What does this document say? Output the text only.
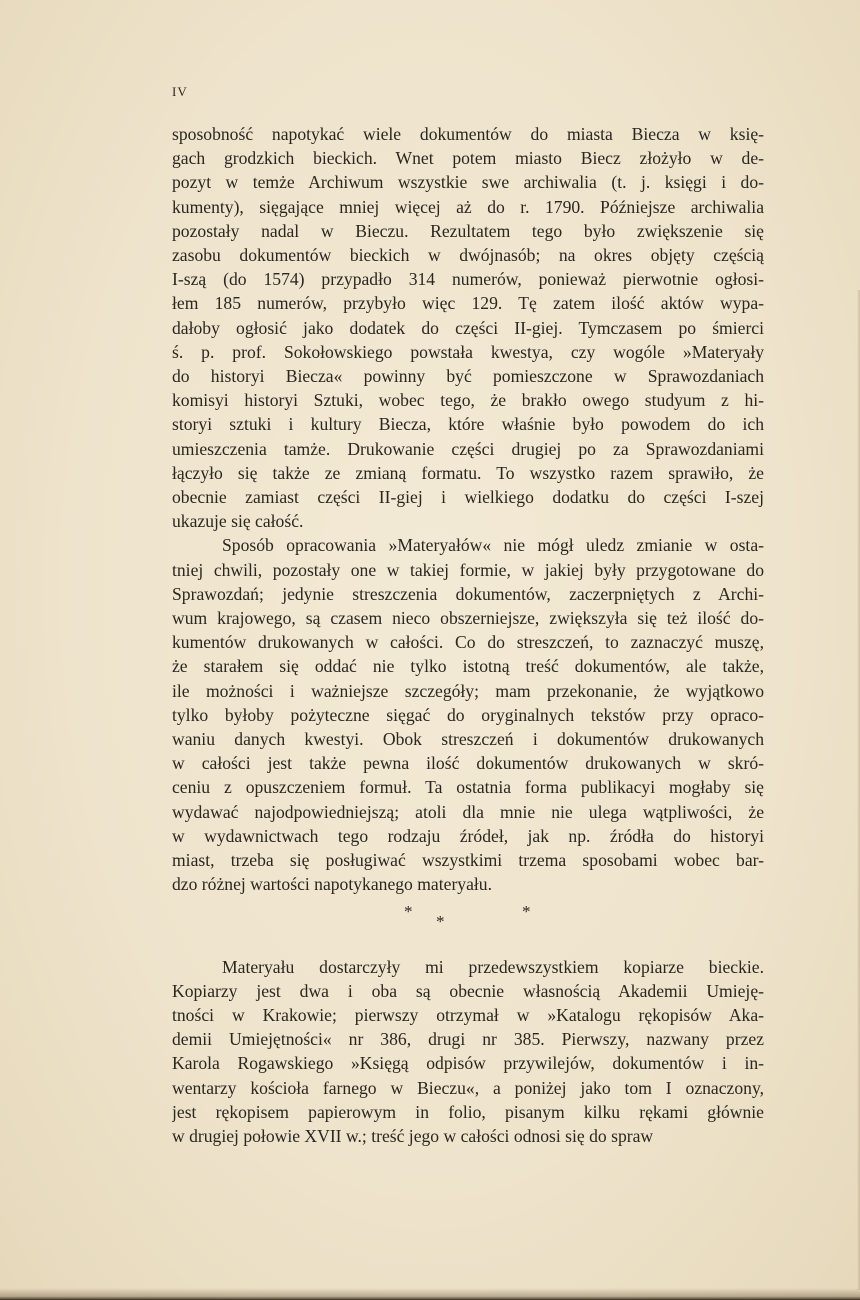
IV
sposobność napotykać wiele dokumentów do miasta Biecza w księ-
gach grodzkich bieckich. Wnet potem miasto Biecz złożyło w de-
pozyt w temże Archiwum wszystkie swe archiwalia (t. j. księgi i do-
kumenty), sięgające mniej więcej aż do r. 1790. Późniejsze archiwalia
pozostały nadal w Bieczu. Rezultatem tego było zwiększenie się
zasobu dokumentów bieckich w dwójnasób; na okres objęty częścią
I-szą (do 1574) przypadło 314 numerów, ponieważ pierwotnie ogłosi-
łem 185 numerów, przybyło więc 129. Tę zatem ilość aktów wypa-
dałoby ogłosić jako dodatek do części II-giej. Tymczasem po śmierci
ś. p. prof. Sokołowskiego powstała kwestya, czy wogóle »Materyały
do historyi Biecza« powinny być pomieszczone w Sprawozdaniach
komisyi historyi Sztuki, wobec tego, że brakło owego studyum z hi-
storyi sztuki i kultury Biecza, które właśnie było powodem do ich
umieszczenia tamże. Drukowanie części drugiej po za Sprawozdaniami
łączyło się także ze zmianą formatu. To wszystko razem sprawiło, że
obecnie zamiast części II-giej i wielkiego dodatku do części I-szej
ukazuje się całość.
Sposób opracowania »Materyałów« nie mógł uledz zmianie w osta-
tniej chwili, pozostały one w takiej formie, w jakiej były przygotowane do
Sprawozdań; jedynie streszczenia dokumentów, zaczerpniętych z Archi-
wum krajowego, są czasem nieco obszerniejsze, zwiększyła się też ilość do-
kumentów drukowanych w całości. Co do streszczeń, to zaznaczyć muszę,
że starałem się oddać nie tylko istotną treść dokumentów, ale także,
ile możności i ważniejsze szczegóły; mam przekonanie, że wyjątkowo
tylko byłoby pożyteczne sięgać do oryginalnych tekstów przy opraco-
waniu danych kwestyi. Obok streszczeń i dokumentów drukowanych
w całości jest także pewna ilość dokumentów drukowanych w skró-
ceniu z opuszczeniem formuł. Ta ostatnia forma publikacyi mogłaby się
wydawać najodpowiedniejszą; atoli dla mnie nie ulega wątpliwości, że
w wydawnictwach tego rodzaju źródeł, jak np. źródła do historyi
miast, trzeba się posługiwać wszystkimi trzema sposobami wobec bar-
dzo różnej wartości napotykanego materyału.
*	*
*
Materyału dostarczyły mi przedewszystkiem kopiarze bieckie.
Kopiarzy jest dwa i oba są obecnie własnością Akademii Umieję-
tności w Krakowie; pierwszy otrzymał w »Katalogu rękopisów Aka-
demii Umiejętności« nr 386, drugi nr 385. Pierwszy, nazwany przez
Karola Rogawskiego »Księgą odpisów przywilejów, dokumentów i in-
wentarzy kościoła farnego w Bieczu«, a poniżej jako tom I oznaczony,
jest rękopisem papierowym in folio, pisanym kilku rękami głównie
w drugiej połowie XVII w.; treść jego w całości odnosi się do spraw
